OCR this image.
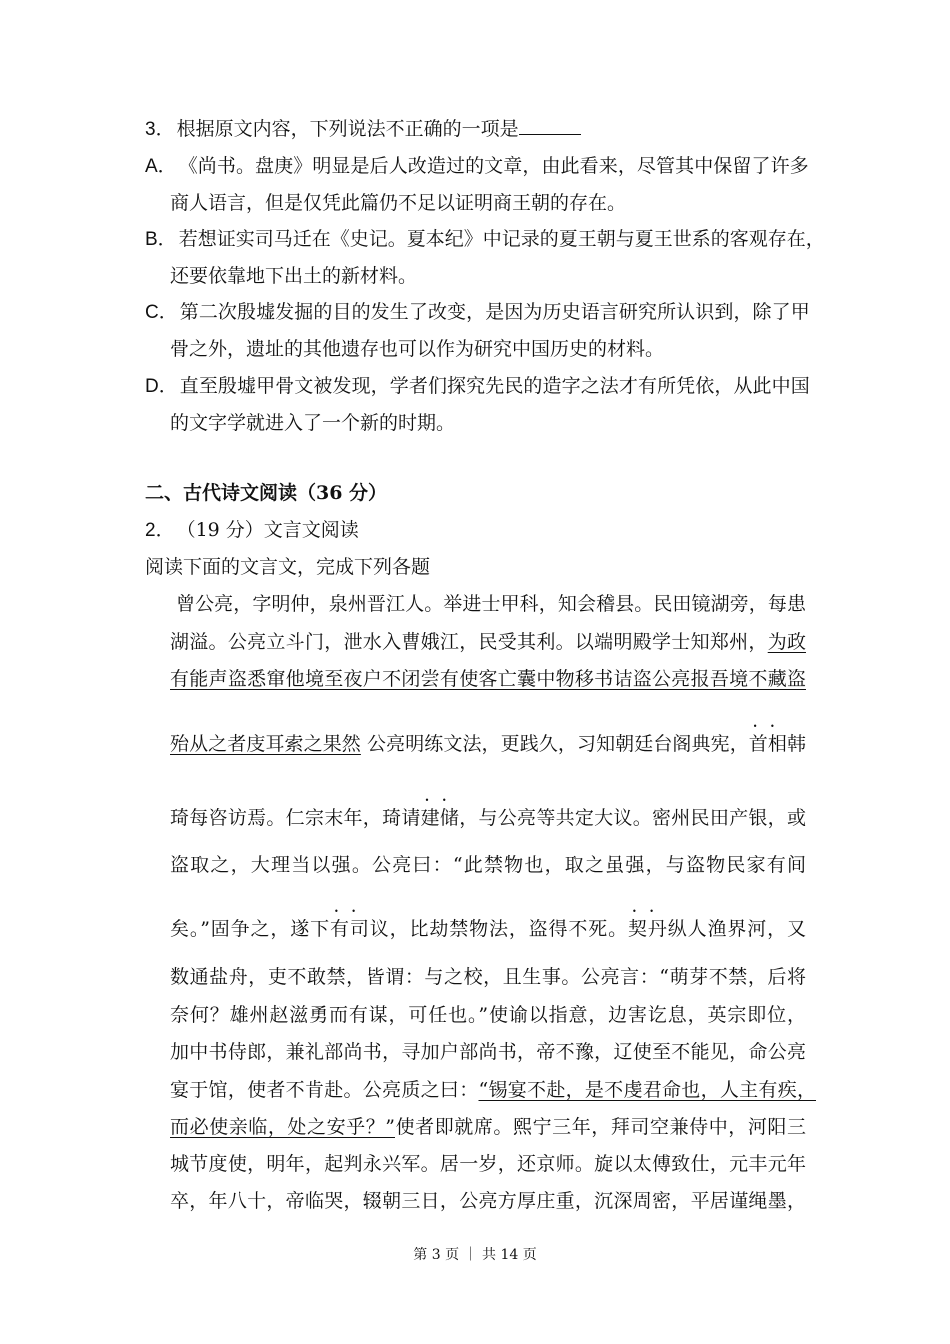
3． 根据原文内容，下列说法不正确的一项是
A． 《尚书。盘庚》明显是后人改造过的文章，由此看来，尽管其中保留了许多
商人语言，但是仅凭此篇仍不足以证明商王朝的存在。
B． 若想证实司马迁在《史记。夏本纪》中记录的夏王朝与夏王世系的客观存在，
还要依靠地下出土的新材料。
C． 第二次殷墟发掘的目的发生了改变，是因为历史语言研究所认识到，除了甲
骨之外，遗址的其他遗存也可以作为研究中国历史的材料。
D． 直至殷墟甲骨文被发现，学者们探究先民的造字之法才有所凭依，从此中国
的文字学就进入了一个新的时期。
二、古代诗文阅读（36 分）
2． （19 分）文言文阅读
阅读下面的文言文，完成下列各题
曾公亮，字明仲，泉州晋江人。举进士甲科，知会稽县。民田镜湖旁，每患
湖溢。公亮立斗门，泄水入曹娥江，民受其利。以端明殿学士知郑州，为政
有能声盗悉窜他境至夜户不闭尝有使客亡囊中物移书诘盗公亮报吾境不藏盗
殆从之者庋耳索之果然 公亮明练文法，更践久，习知朝廷台阁典宪，• • 首相韩
琦每咨访焉。仁宗末年，琦请• • 建储，与公亮等共定大议。密州民田产银，或
盗取之，大理当以强。公亮曰：“此禁物也，取之虽强，与盗物民家有间
矣。”固争之，遂下• • 有司议，比劫禁物法，盗得不死。• • 契丹纵人渔界河，又
数通盐舟，吏不敢禁，皆谓：与之校，且生事。公亮言：“萌芽不禁，后将
奈何？雄州赵滋勇而有谋，可任也。”使谕以指意，边害讫息，英宗即位，
加中书侍郎，兼礼部尚书，寻加户部尚书，帝不豫，辽使至不能见，命公亮
宴于馆，使者不肯赴。公亮质之曰：“锡宴不赴，是不虔君命也，人主有疾，
而必使亲临，处之安乎？”使者即就席。熙宁三年，拜司空兼侍中，河阳三
城节度使，明年，起判永兴军。居一岁，还京师。旋以太傅致仕，元丰元年
卒，年八十，帝临哭，辍朝三日，公亮方厚庄重，沉深周密，平居谨绳墨，
第 3 页 ｜ 共 14 页
